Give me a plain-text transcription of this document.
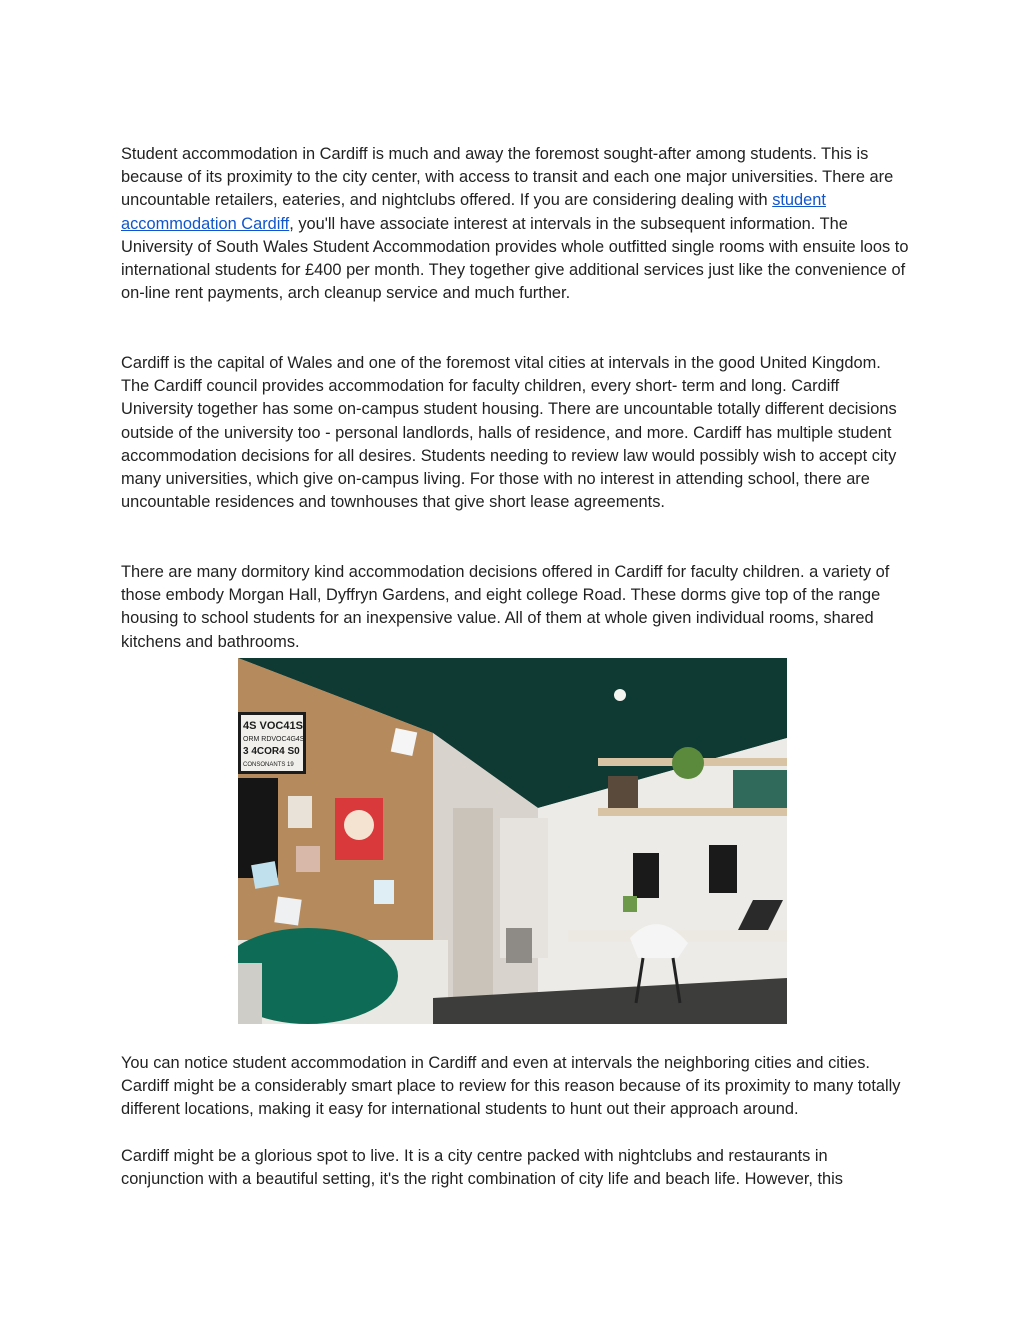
Student accommodation in Cardiff is much and away the foremost sought-after among students. This is because of its proximity to the city center, with access to transit and each one major universities. There are uncountable retailers, eateries, and nightclubs offered. If you are considering dealing with student accommodation Cardiff, you'll have associate interest at intervals in the subsequent information. The University of South Wales Student Accommodation provides whole outfitted single rooms with ensuite loos to international students for £400 per month. They together give additional services just like the convenience of on-line rent payments, arch cleanup service and much further.

Cardiff is the capital of Wales and one of the foremost vital cities at intervals in the good United Kingdom. The Cardiff council provides accommodation for faculty children, every short- term and long. Cardiff University together has some on-campus student housing. There are uncountable totally different decisions outside of the university too - personal landlords, halls of residence, and more. Cardiff has multiple student accommodation decisions for all desires. Students needing to review law would possibly wish to accept city many universities, which give on-campus living. For those with no interest in attending school, there are uncountable residences and townhouses that give short lease agreements.

There are many dormitory kind accommodation decisions offered in Cardiff for faculty children. a variety of those embody Morgan Hall, Dyffryn Gardens, and eight college Road. These dorms give top of the range housing to school students for an inexpensive value. All of them at whole given individual rooms, shared kitchens and bathrooms.

4S VOC41S
ORM RDVOC4G4S
3 4COR4 S0
CONSONANTS 19

You can notice student accommodation in Cardiff and even at intervals the neighboring cities and cities. Cardiff might be a considerably smart place to review for this reason because of its proximity to many totally different locations, making it easy for international students to hunt out their approach around.

Cardiff might be a glorious spot to live. It is a city centre packed with nightclubs and restaurants in conjunction with a beautiful setting, it's the right combination of city life and beach life. However, this
